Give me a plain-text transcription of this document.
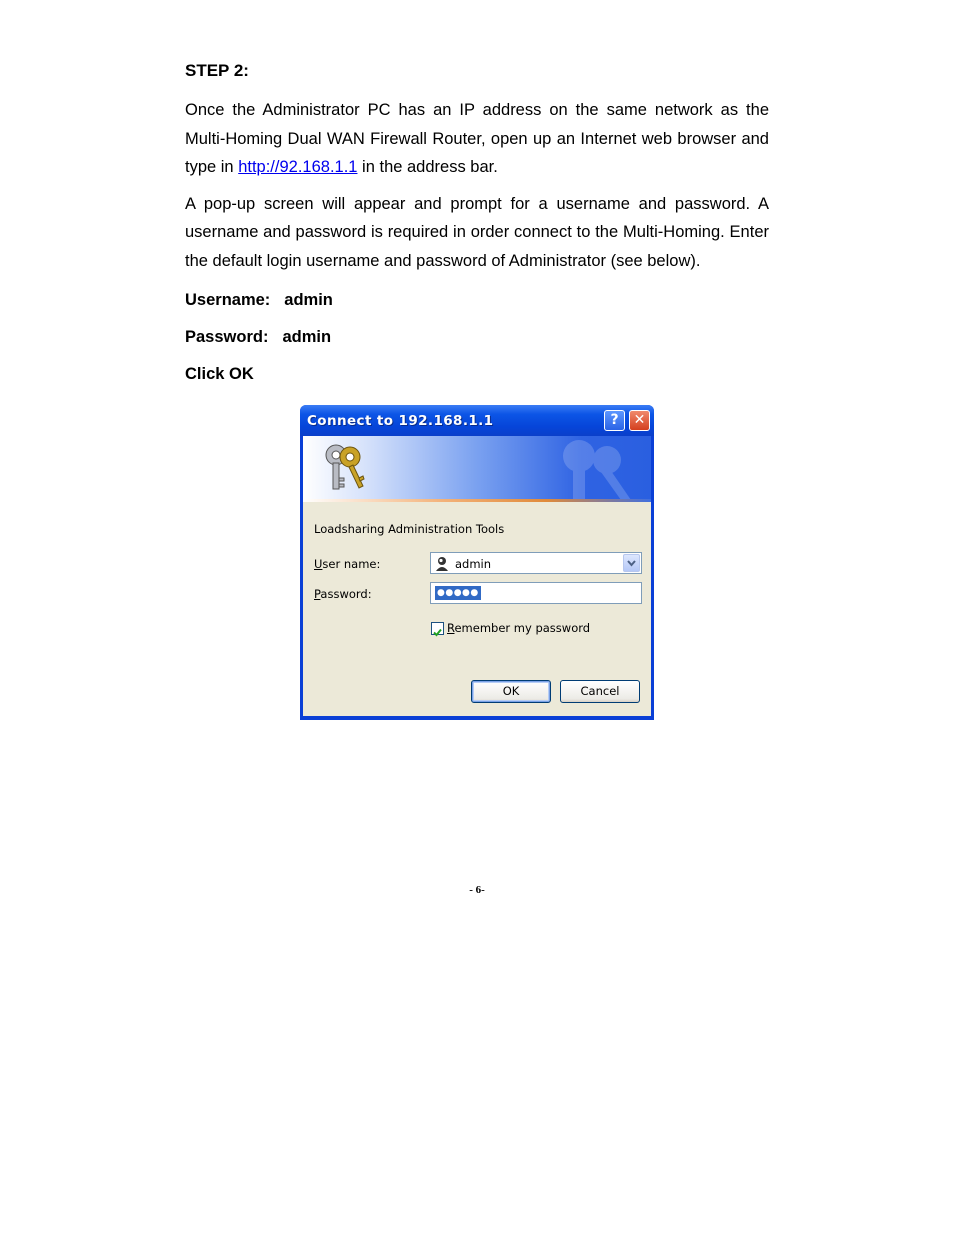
STEP 2:

Once the Administrator PC has an IP address on the same network as the Multi-Homing Dual WAN Firewall Router, open up an Internet web browser and type in http://92.168.1.1 in the address bar.

A pop-up screen will appear and prompt for a username and password. A username and password is required in order connect to the Multi-Homing. Enter the default login username and password of Administrator (see below).

Username: admin

Password: admin

Click OK

Connect to 192.168.1.1	?	✕
Loadsharing Administration Tools
User name:	admin
Password:	●●●●●
Remember my password
OK	Cancel
- 6-
